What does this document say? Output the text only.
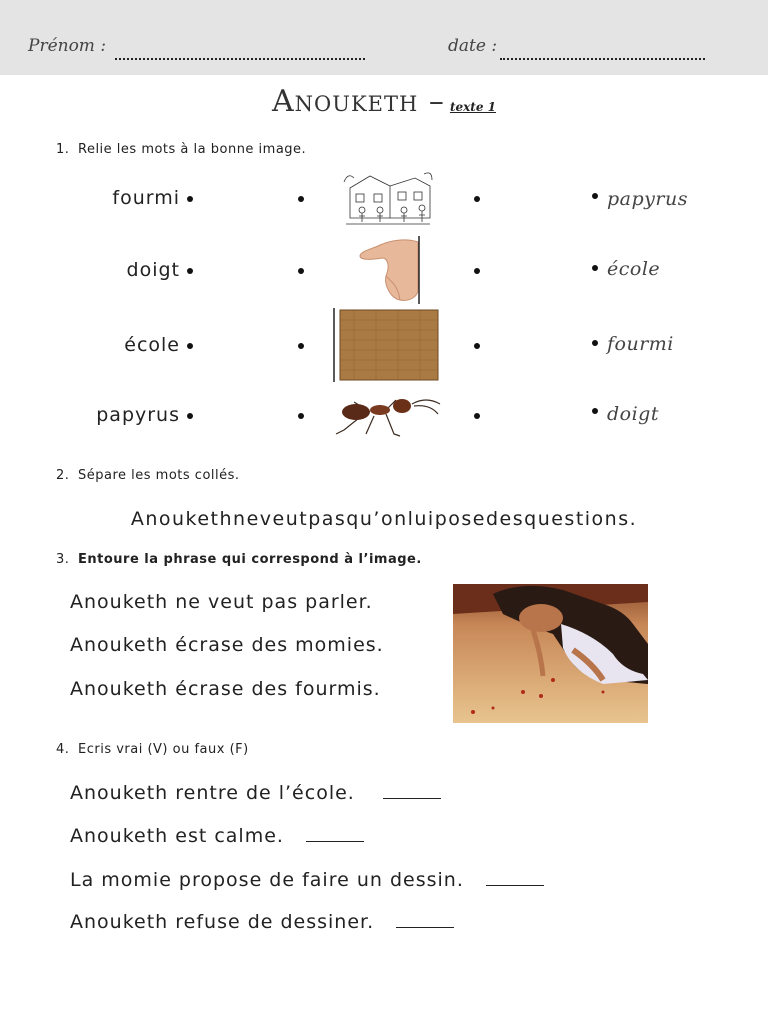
Prénom :	date :
Anouketh – texte 1
1. Relie les mots à la bonne image.
fourmi
doigt
école
papyrus
papyrus
école
fourmi
doigt
2. Sépare les mots collés.
Anoukethneveutpasqu’onluiposedesquestions.
3. Entoure la phrase qui correspond à l’image.
Anouketh ne veut pas parler.
Anouketh écrase des momies.
Anouketh écrase des fourmis.
4. Ecris vrai (V) ou faux (F)
Anouketh rentre de l’école.
Anouketh est calme.
La momie propose de faire un dessin.
Anouketh refuse de dessiner.
